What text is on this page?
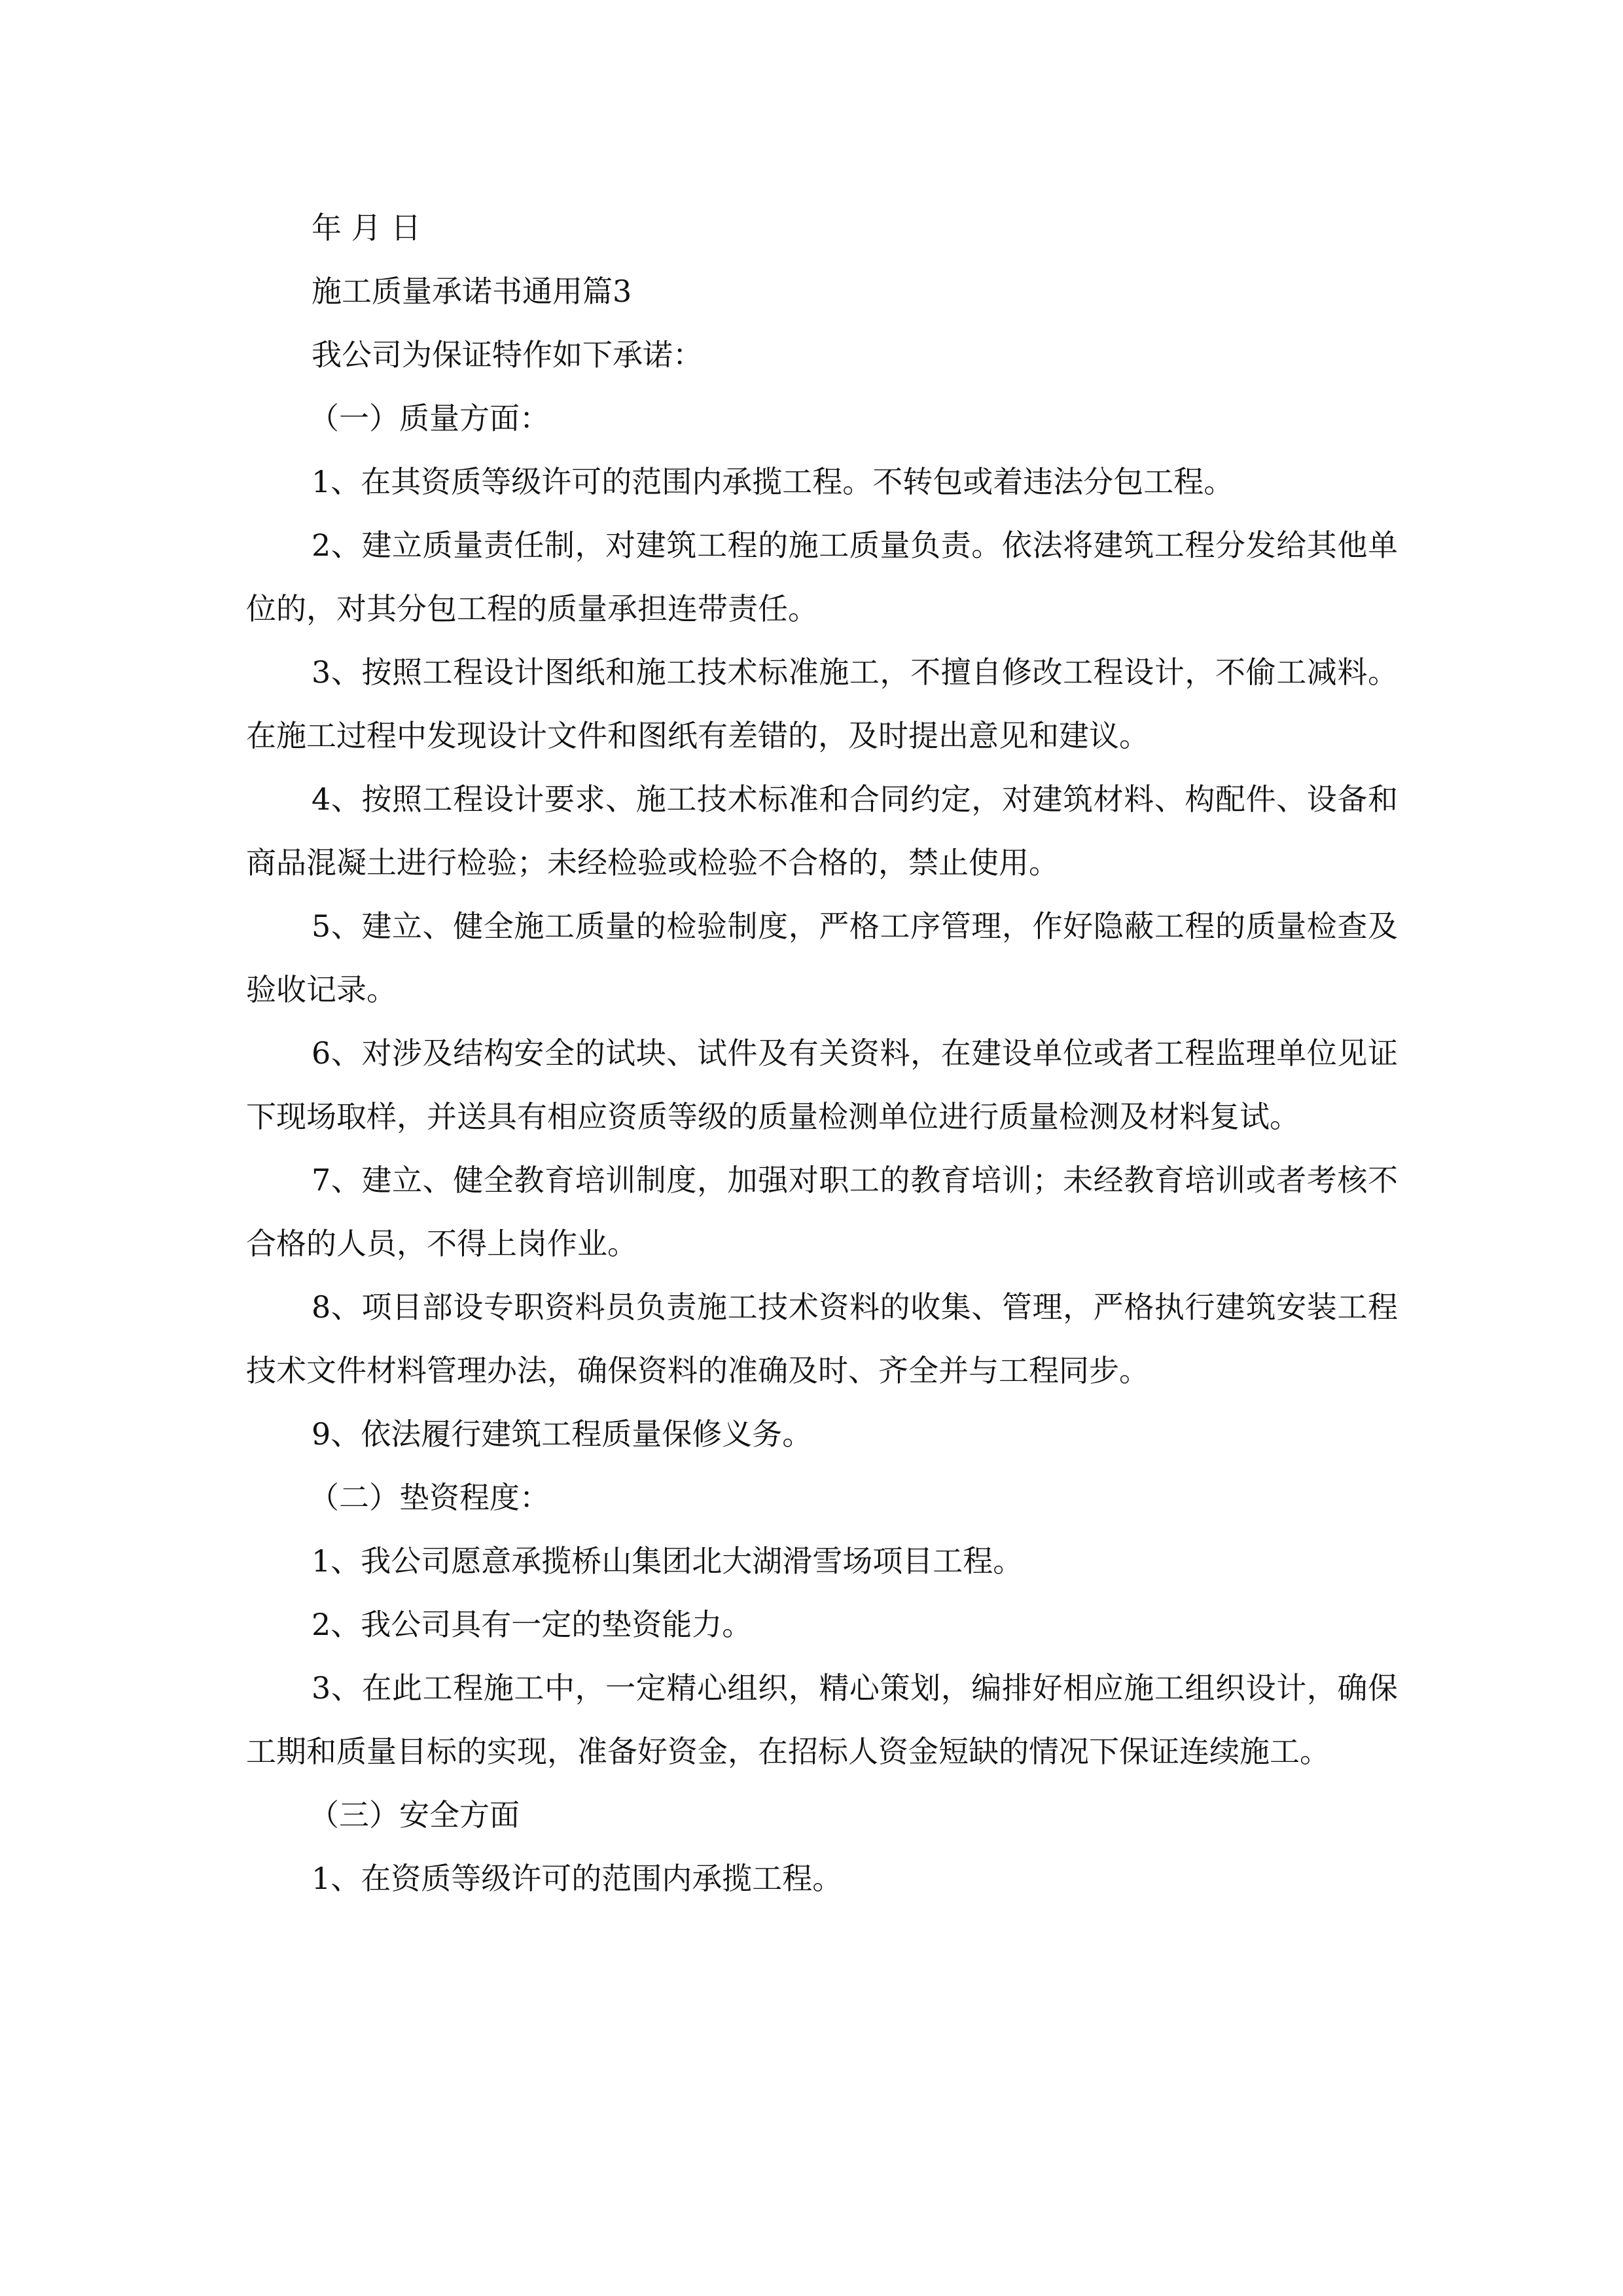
年 月 日

施工质量承诺书通用篇3

我公司为保证特作如下承诺：

（一）质量方面：

1、在其资质等级许可的范围内承揽工程。不转包或着违法分包工程。

2、建立质量责任制，对建筑工程的施工质量负责。依法将建筑工程分发给其他单位的，对其分包工程的质量承担连带责任。

3、按照工程设计图纸和施工技术标准施工，不擅自修改工程设计，不偷工减料。在施工过程中发现设计文件和图纸有差错的，及时提出意见和建议。

4、按照工程设计要求、施工技术标准和合同约定，对建筑材料、构配件、设备和商品混凝土进行检验；未经检验或检验不合格的，禁止使用。

5、建立、健全施工质量的检验制度，严格工序管理，作好隐蔽工程的质量检查及验收记录。

6、对涉及结构安全的试块、试件及有关资料，在建设单位或者工程监理单位见证下现场取样，并送具有相应资质等级的质量检测单位进行质量检测及材料复试。

7、建立、健全教育培训制度，加强对职工的教育培训；未经教育培训或者考核不合格的人员，不得上岗作业。

8、项目部设专职资料员负责施工技术资料的收集、管理，严格执行建筑安装工程技术文件材料管理办法，确保资料的准确及时、齐全并与工程同步。

9、依法履行建筑工程质量保修义务。

（二）垫资程度：

1、我公司愿意承揽桥山集团北大湖滑雪场项目工程。

2、我公司具有一定的垫资能力。

3、在此工程施工中，一定精心组织，精心策划，编排好相应施工组织设计，确保工期和质量目标的实现，准备好资金，在招标人资金短缺的情况下保证连续施工。

（三）安全方面

1、在资质等级许可的范围内承揽工程。
